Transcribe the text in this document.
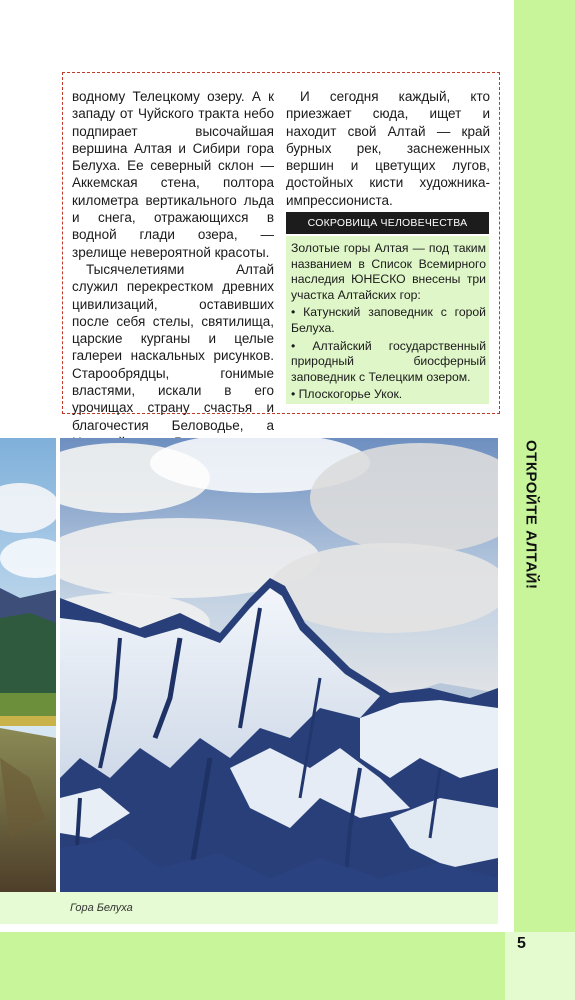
ОТКРОЙТЕ АЛТАЙ!
5

водному Телецкому озеру. А к западу от Чуйского тракта небо подпирает высочайшая вершина Алтая и Сибири гора Белуха. Ее северный склон — Аккемская стена, полтора километра вертикального льда и снега, отражающихся в водной глади озера, — зрелище невероятной красоты.

Тысячелетиями Алтай служил перекрестком древних цивилизаций, оставивших после себя стелы, святилища, царские курганы и целые галереи наскальных рисунков. Старообрядцы, гонимые властями, искали в его урочищах страну счастья и благочестия Беловодье, а

И сегодня каждый, кто приезжает сюда, ищет и находит свой Алтай — край бурных рек, заснеженных вершин и цветущих лугов, достойных кисти художника-импрессиониста.

СОКРОВИЩА ЧЕЛОВЕЧЕСТВА

Золотые горы Алтая — под таким названием в Список Всемирного наследия ЮНЕСКО внесены три участка Алтайских гор:

• Катунский заповедник с горой Белуха.

• Алтайский государственный природный биосферный заповедник с Телецким озером.

• Плоскогорье Укок.

Гора Белуха
